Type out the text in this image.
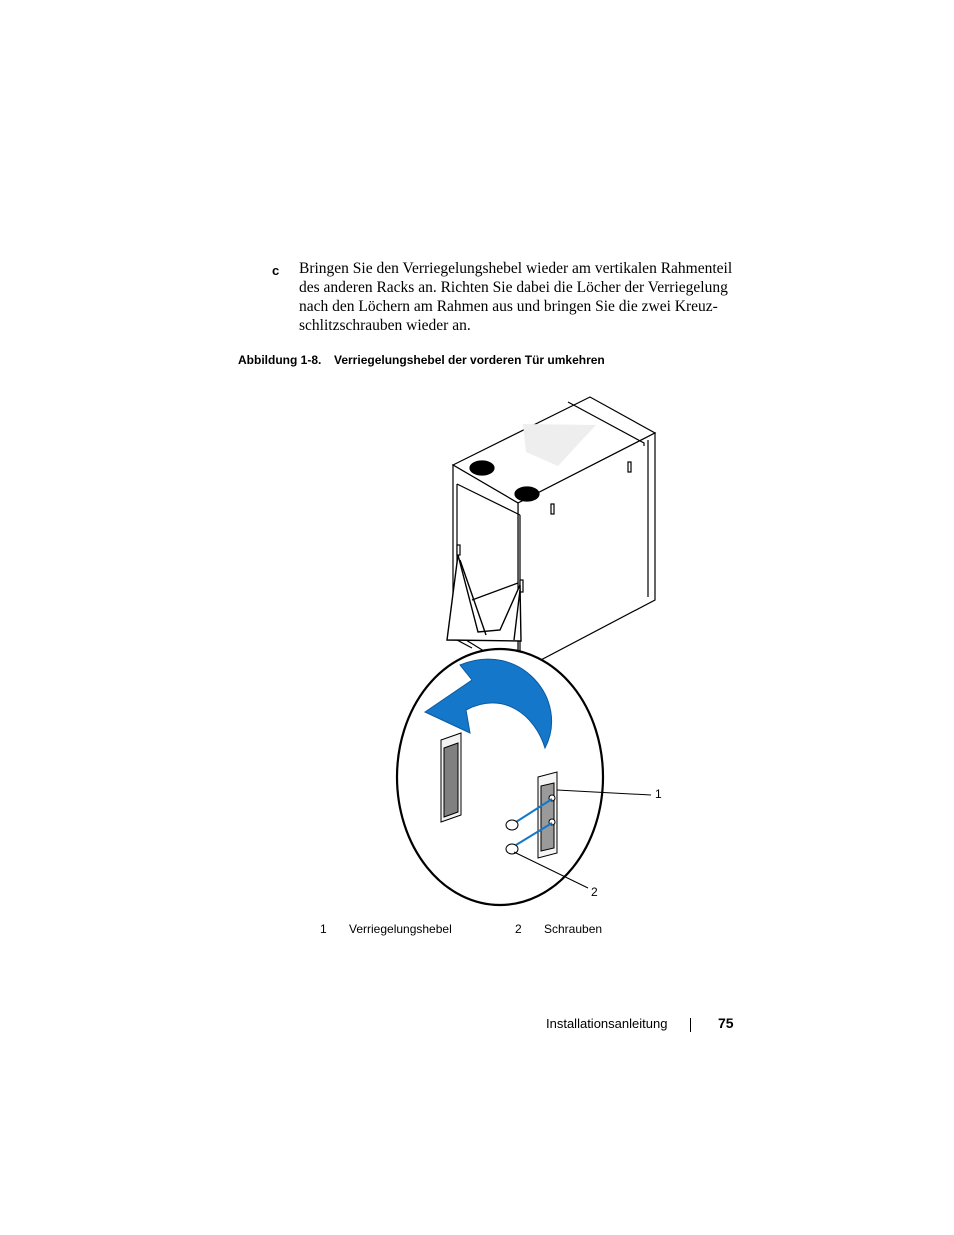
c Bringen Sie den Verriegelungshebel wieder am vertikalen Rahmenteil des anderen Racks an. Richten Sie dabei die Löcher der Verriegelung nach den Löchern am Rahmen aus und bringen Sie die zwei Kreuz-schlitzschrauben wieder an.
Abbildung 1-8. Verriegelungshebel der vorderen Tür umkehren
1
2
1 Verriegelungshebel	2 Schrauben
Installationsanleitung	75
